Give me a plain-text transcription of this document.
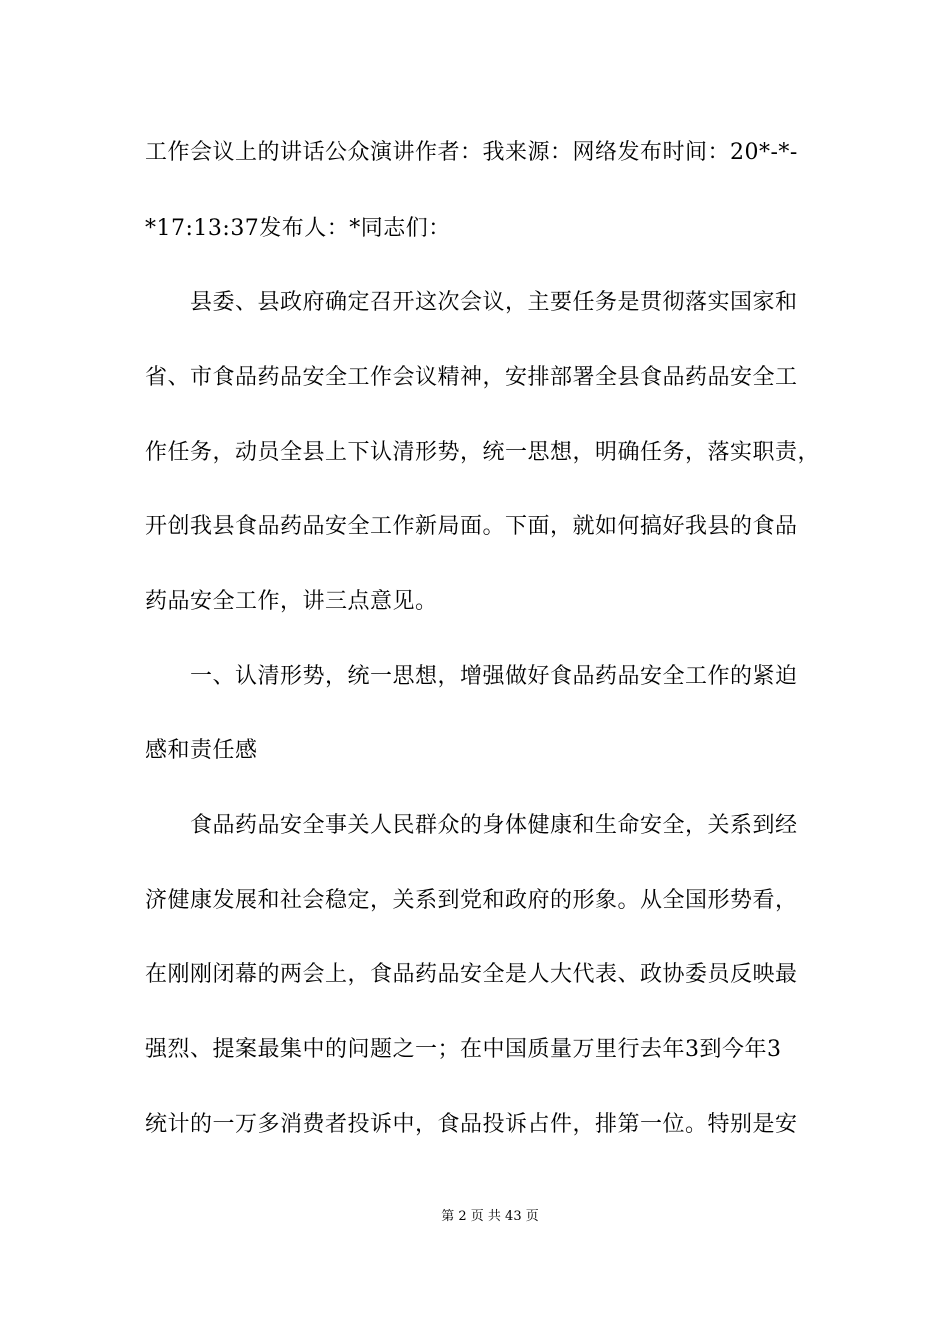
工作会议上的讲话公众演讲作者：我来源：网络发布时间：20*-*-
*17:13:37发布人：*同志们：
县委、县政府确定召开这次会议，主要任务是贯彻落实国家和
省、市食品药品安全工作会议精神，安排部署全县食品药品安全工
作任务，动员全县上下认清形势，统一思想，明确任务，落实职责，
开创我县食品药品安全工作新局面。下面，就如何搞好我县的食品
药品安全工作，讲三点意见。
一、认清形势，统一思想，增强做好食品药品安全工作的紧迫
感和责任感
食品药品安全事关人民群众的身体健康和生命安全，关系到经
济健康发展和社会稳定，关系到党和政府的形象。从全国形势看，
在刚刚闭幕的两会上，食品药品安全是人大代表、政协委员反映最
强烈、提案最集中的问题之一；在中国质量万里行去年3到今年3
统计的一万多消费者投诉中，食品投诉占件，排第一位。特别是安
第 2 页 共 43 页
